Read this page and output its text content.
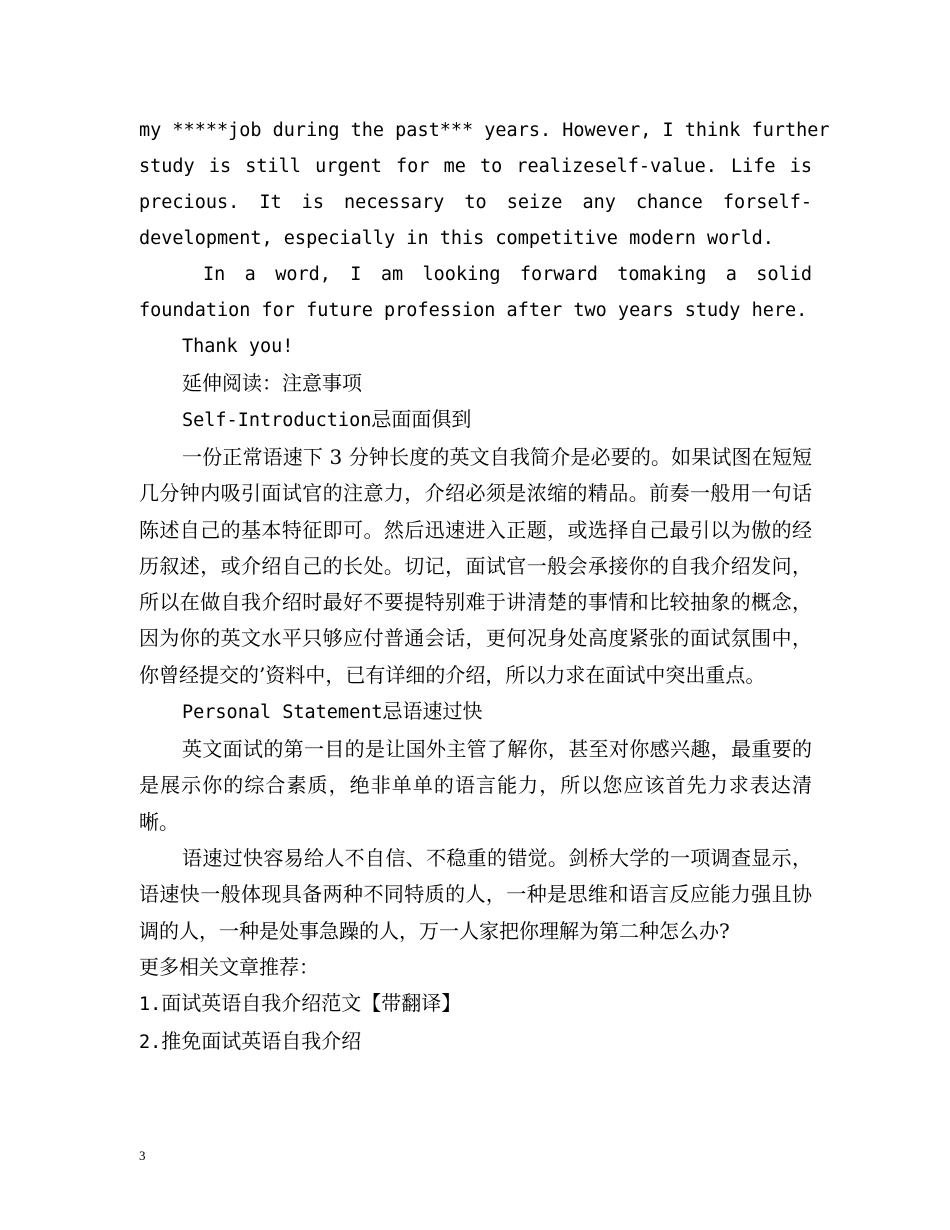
my *****job during the past*** years. However, I think further
study is still urgent for me to realizeself-value. Life is
precious. It is necessary to seize any chance forself-
development, especially in this competitive modern world.
In a word, I am looking forward tomaking a solid
foundation for future profession after two years study here.
Thank you!

延伸阅读：注意事项

Self-Introduction忌面面俱到

一份正常语速下 3 分钟长度的英文自我简介是必要的。如果试图在短短几分钟内吸引面试官的注意力，介绍必须是浓缩的精品。前奏一般用一句话陈述自己的基本特征即可。然后迅速进入正题，或选择自己最引以为傲的经历叙述，或介绍自己的长处。切记，面试官一般会承接你的自我介绍发问，所以在做自我介绍时最好不要提特别难于讲清楚的事情和比较抽象的概念，因为你的英文水平只够应付普通会话，更何况身处高度紧张的面试氛围中，你曾经提交的’资料中，已有详细的介绍，所以力求在面试中突出重点。

Personal Statement忌语速过快

英文面试的第一目的是让国外主管了解你，甚至对你感兴趣，最重要的是展示你的综合素质，绝非单单的语言能力，所以您应该首先力求表达清晰。

语速过快容易给人不自信、不稳重的错觉。剑桥大学的一项调查显示，语速快一般体现具备两种不同特质的人，一种是思维和语言反应能力强且协调的人，一种是处事急躁的人，万一人家把你理解为第二种怎么办?

更多相关文章推荐：

1.面试英语自我介绍范文【带翻译】

2.推免面试英语自我介绍

3
